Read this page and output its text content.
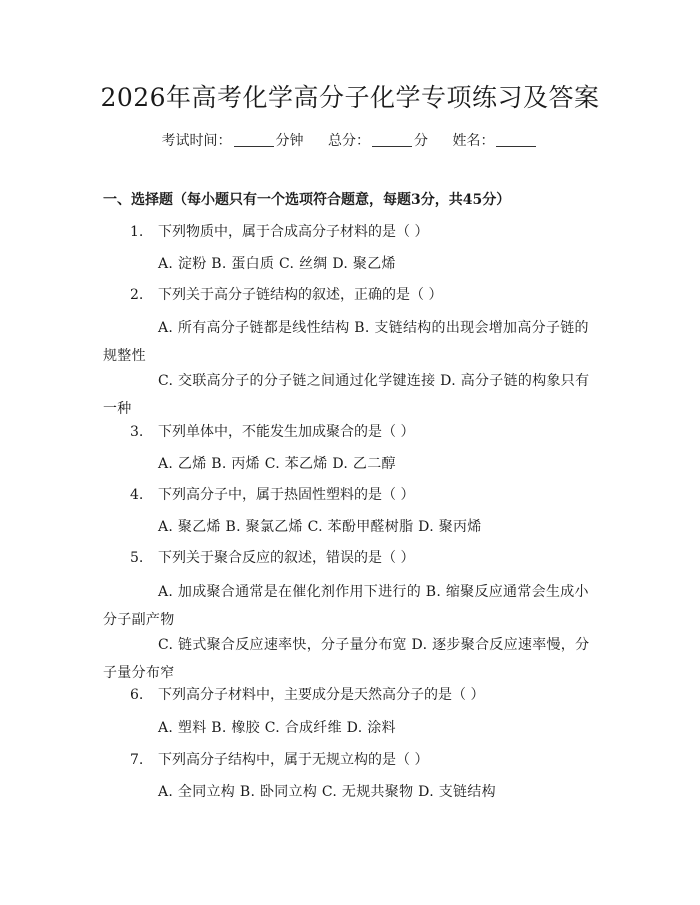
2026年高考化学高分子化学专项练习及答案
考试时间：	分钟 总分：	分 姓名：
一、选择题（每小题只有一个选项符合题意，每题3分，共45分）
1.	下列物质中，属于合成高分子材料的是（ ）
A. 淀粉 B. 蛋白质 C. 丝绸 D. 聚乙烯
2.	下列关于高分子链结构的叙述，正确的是（ ）
A. 所有高分子链都是线性结构 B. 支链结构的出现会增加高分子链的规整性
C. 交联高分子的分子链之间通过化学键连接 D. 高分子链的构象只有一种
3.	下列单体中，不能发生加成聚合的是（ ）
A. 乙烯 B. 丙烯 C. 苯乙烯 D. 乙二醇
4.	下列高分子中，属于热固性塑料的是（ ）
A. 聚乙烯 B. 聚氯乙烯 C. 苯酚甲醛树脂 D. 聚丙烯
5.	下列关于聚合反应的叙述，错误的是（ ）
A. 加成聚合通常是在催化剂作用下进行的 B. 缩聚反应通常会生成小分子副产物
C. 链式聚合反应速率快，分子量分布宽 D. 逐步聚合反应速率慢，分子量分布窄
6.	下列高分子材料中，主要成分是天然高分子的是（ ）
A. 塑料 B. 橡胶 C. 合成纤维 D. 涂料
7.	下列高分子结构中，属于无规立构的是（ ）
A. 全同立构 B. 卧同立构 C. 无规共聚物 D. 支链结构
